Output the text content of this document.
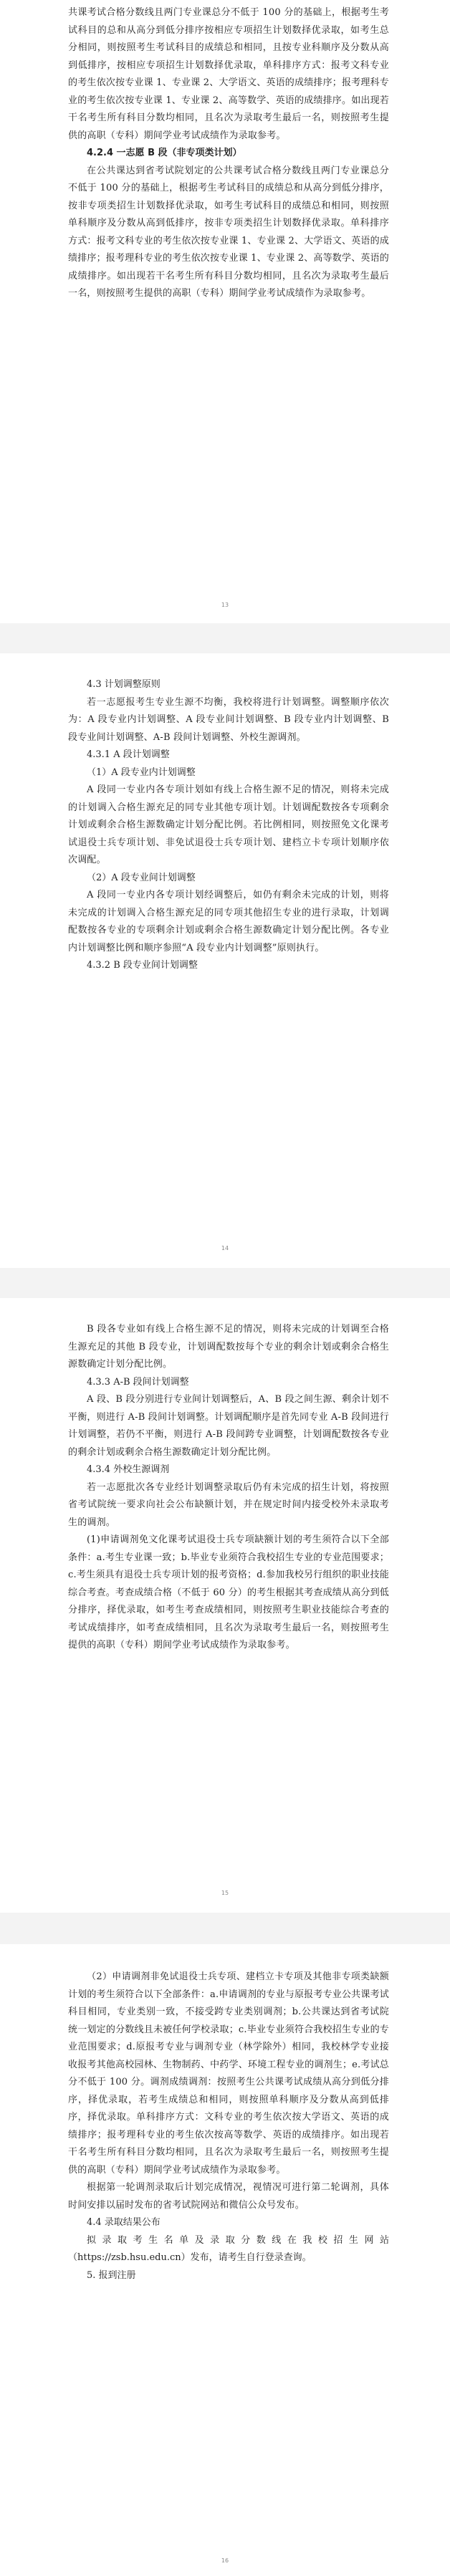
共课考试合格分数线且两门专业课总分不低于 100 分的基础上，根据考生考试科目的总和从高分到低分排序按相应专项招生计划数择优录取，如考生总分相同，则按照考生考试科目的成绩总和相同，且按专业科顺序及分数从高到低排序，按相应专项招生计划数择优录取，单科排序方式：报考文科专业的考生依次按专业课 1、专业课 2、大学语文、英语的成绩排序；报考理科专业的考生依次按专业课 1、专业课 2、高等数学、英语的成绩排序。如出现若干名考生所有科目分数均相同，且名次为录取考生最后一名，则按照考生提供的高职（专科）期间学业考试成绩作为录取参考。

4.2.4 一志愿 B 段（非专项类计划）

在公共课达到省考试院划定的公共课考试合格分数线且两门专业课总分不低于 100 分的基础上，根据考生考试科目的成绩总和从高分到低分排序，按非专项类招生计划数择优录取，如考生考试科目的成绩总和相同，则按照单科顺序及分数从高到低排序，按非专项类招生计划数择优录取。单科排序方式：报考文科专业的考生依次按专业课 1、专业课 2、大学语文、英语的成绩排序；报考理科专业的考生依次按专业课 1、专业课 2、高等数学、英语的成绩排序。如出现若干名考生所有科目分数均相同，且名次为录取考生最后一名，则按照考生提供的高职（专科）期间学业考试成绩作为录取参考。

13

4.3 计划调整原则

若一志愿报考生专业生源不均衡，我校将进行计划调整。调整顺序依次为：A 段专业内计划调整、A 段专业间计划调整、B 段专业内计划调整、B 段专业间计划调整、A-B 段间计划调整、外校生源调剂。

4.3.1 A 段计划调整

（1）A 段专业内计划调整

A 段同一专业内各专项计划如有线上合格生源不足的情况，则将未完成的计划调入合格生源充足的同专业其他专项计划。计划调配数按各专项剩余计划或剩余合格生源数确定计划分配比例。若比例相同，则按照免文化课考试退役士兵专项计划、非免试退役士兵专项计划、建档立卡专项计划顺序依次调配。

（2）A 段专业间计划调整

A 段同一专业内各专项计划经调整后，如仍有剩余未完成的计划，则将未完成的计划调入合格生源充足的同专项其他招生专业的进行录取，计划调配数按各专业的专项剩余计划或剩余合格生源数确定计划分配比例。各专业内计划调整比例和顺序参照“A 段专业内计划调整”原则执行。

4.3.2 B 段专业间计划调整

14

B 段各专业如有线上合格生源不足的情况，则将未完成的计划调至合格生源充足的其他 B 段专业，计划调配数按每个专业的剩余计划或剩余合格生源数确定计划分配比例。

4.3.3 A-B 段间计划调整

A 段、B 段分别进行专业间计划调整后，A、B 段之间生源、剩余计划不平衡，则进行 A-B 段间计划调整。计划调配顺序是首先同专业 A-B 段间进行计划调整，若仍不平衡，则进行 A-B 段间跨专业调整，计划调配数按各专业的剩余计划或剩余合格生源数确定计划分配比例。

4.3.4 外校生源调剂

若一志愿批次各专业经计划调整录取后仍有未完成的招生计划，将按照省考试院统一要求向社会公布缺额计划，并在规定时间内接受校外未录取考生的调剂。

(1)申请调剂免文化课考试退役士兵专项缺额计划的考生须符合以下全部条件：a.考生专业课一致；b.毕业专业须符合我校招生专业的专业范围要求；c.考生须具有退役士兵专项计划的报考资格；d.参加我校另行组织的职业技能综合考查。考查成绩合格（不低于 60 分）的考生根据其考查成绩从高分到低分排序，择优录取，如考生考查成绩相同，则按照考生职业技能综合考查的考试成绩排序，如考查成绩相同，且名次为录取考生最后一名，则按照考生提供的高职（专科）期间学业考试成绩作为录取参考。

15

（2）申请调剂非免试退役士兵专项、建档立卡专项及其他非专项类缺额计划的考生须符合以下全部条件：a.申请调剂的专业与原报考专业公共课考试科目相同，专业类别一致，不接受跨专业类别调剂；b.公共课达到省考试院统一划定的分数线且未被任何学校录取；c.毕业专业须符合我校招生专业的专业范围要求；d.原报考专业与调剂专业（林学除外）相同，我校林学专业接收报考其他高校园林、生物制药、中药学、环境工程专业的调剂生；e.考试总分不低于 100 分。调剂成绩调剂：按照考生公共课考试成绩从高分到低分排序，择优录取，若考生成绩总和相同，则按照单科顺序及分数从高到低排序，择优录取。单科排序方式：文科专业的考生依次按大学语文、英语的成绩排序；报考理科专业的考生依次按高等数学、英语的成绩排序。如出现若干名考生所有科目分数均相同，且名次为录取考生最后一名，则按照考生提供的高职（专科）期间学业考试成绩作为录取参考。

根据第一轮调剂录取后计划完成情况，视情况可进行第二轮调剂，具体时间安排以届时发布的省考试院网站和微信公众号发布。

4.4 录取结果公布

拟录取考生名单及录取分数线在我校招生网站（https://zsb.hsu.edu.cn）发布，请考生自行登录查询。

5. 报到注册

16
